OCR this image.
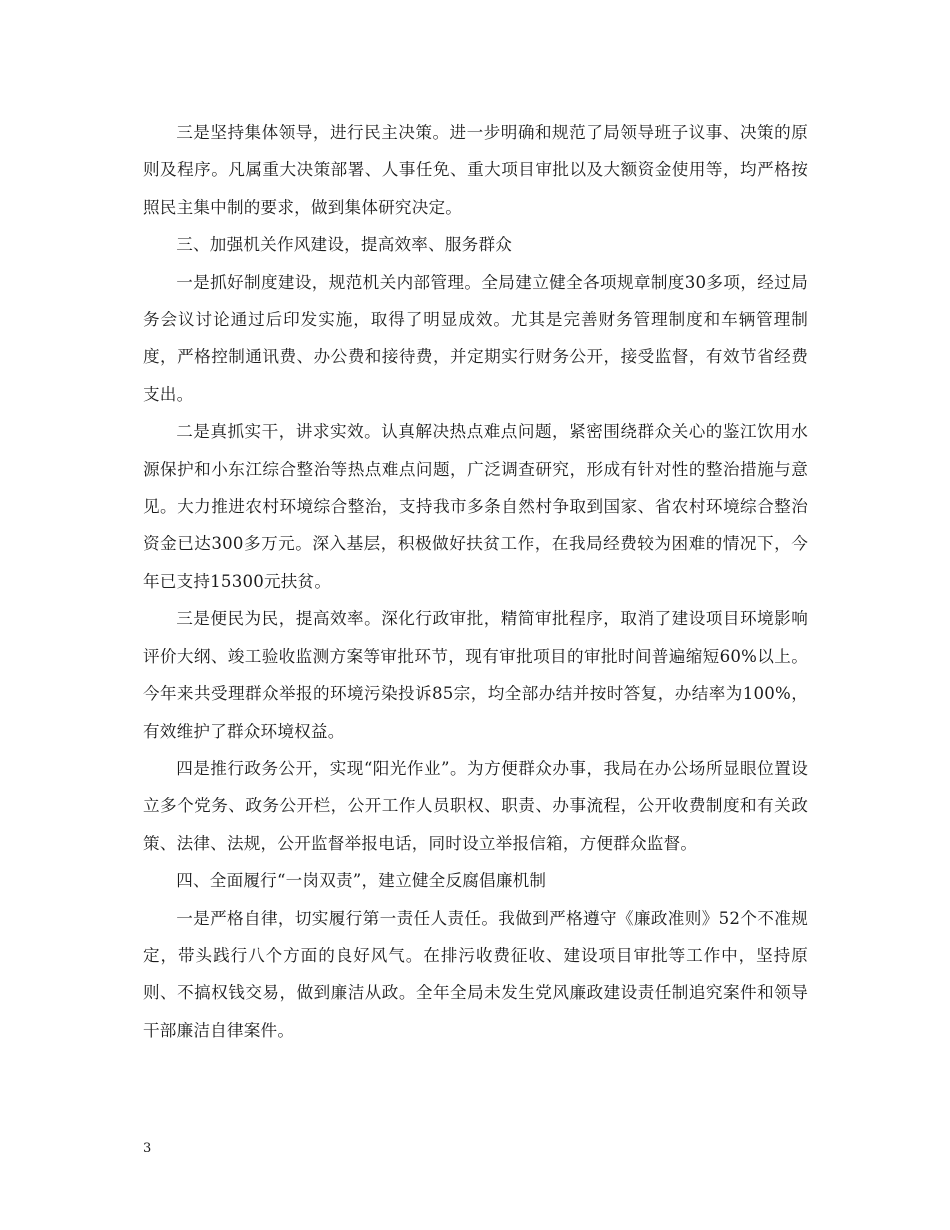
三是坚持集体领导，进行民主决策。进一步明确和规范了局领导班子议事、决策的原则及程序。凡属重大决策部署、人事任免、重大项目审批以及大额资金使用等，均严格按照民主集中制的要求，做到集体研究决定。

三、加强机关作风建设，提高效率、服务群众

一是抓好制度建设，规范机关内部管理。全局建立健全各项规章制度30多项，经过局务会议讨论通过后印发实施，取得了明显成效。尤其是完善财务管理制度和车辆管理制度，严格控制通讯费、办公费和接待费，并定期实行财务公开，接受监督，有效节省经费支出。

二是真抓实干，讲求实效。认真解决热点难点问题，紧密围绕群众关心的鉴江饮用水源保护和小东江综合整治等热点难点问题，广泛调查研究，形成有针对性的整治措施与意见。大力推进农村环境综合整治，支持我市多条自然村争取到国家、省农村环境综合整治资金已达300多万元。深入基层，积极做好扶贫工作，在我局经费较为困难的情况下，今年已支持15300元扶贫。

三是便民为民，提高效率。深化行政审批，精简审批程序，取消了建设项目环境影响评价大纲、竣工验收监测方案等审批环节，现有审批项目的审批时间普遍缩短60%以上。今年来共受理群众举报的环境污染投诉85宗，均全部办结并按时答复，办结率为100%，有效维护了群众环境权益。

四是推行政务公开，实现“阳光作业”。为方便群众办事，我局在办公场所显眼位置设立多个党务、政务公开栏，公开工作人员职权、职责、办事流程，公开收费制度和有关政策、法律、法规，公开监督举报电话，同时设立举报信箱，方便群众监督。

四、全面履行“一岗双责”，建立健全反腐倡廉机制

一是严格自律，切实履行第一责任人责任。我做到严格遵守《廉政准则》52个不准规定，带头践行八个方面的良好风气。在排污收费征收、建设项目审批等工作中，坚持原则、不搞权钱交易，做到廉洁从政。全年全局未发生党风廉政建设责任制追究案件和领导干部廉洁自律案件。

3
